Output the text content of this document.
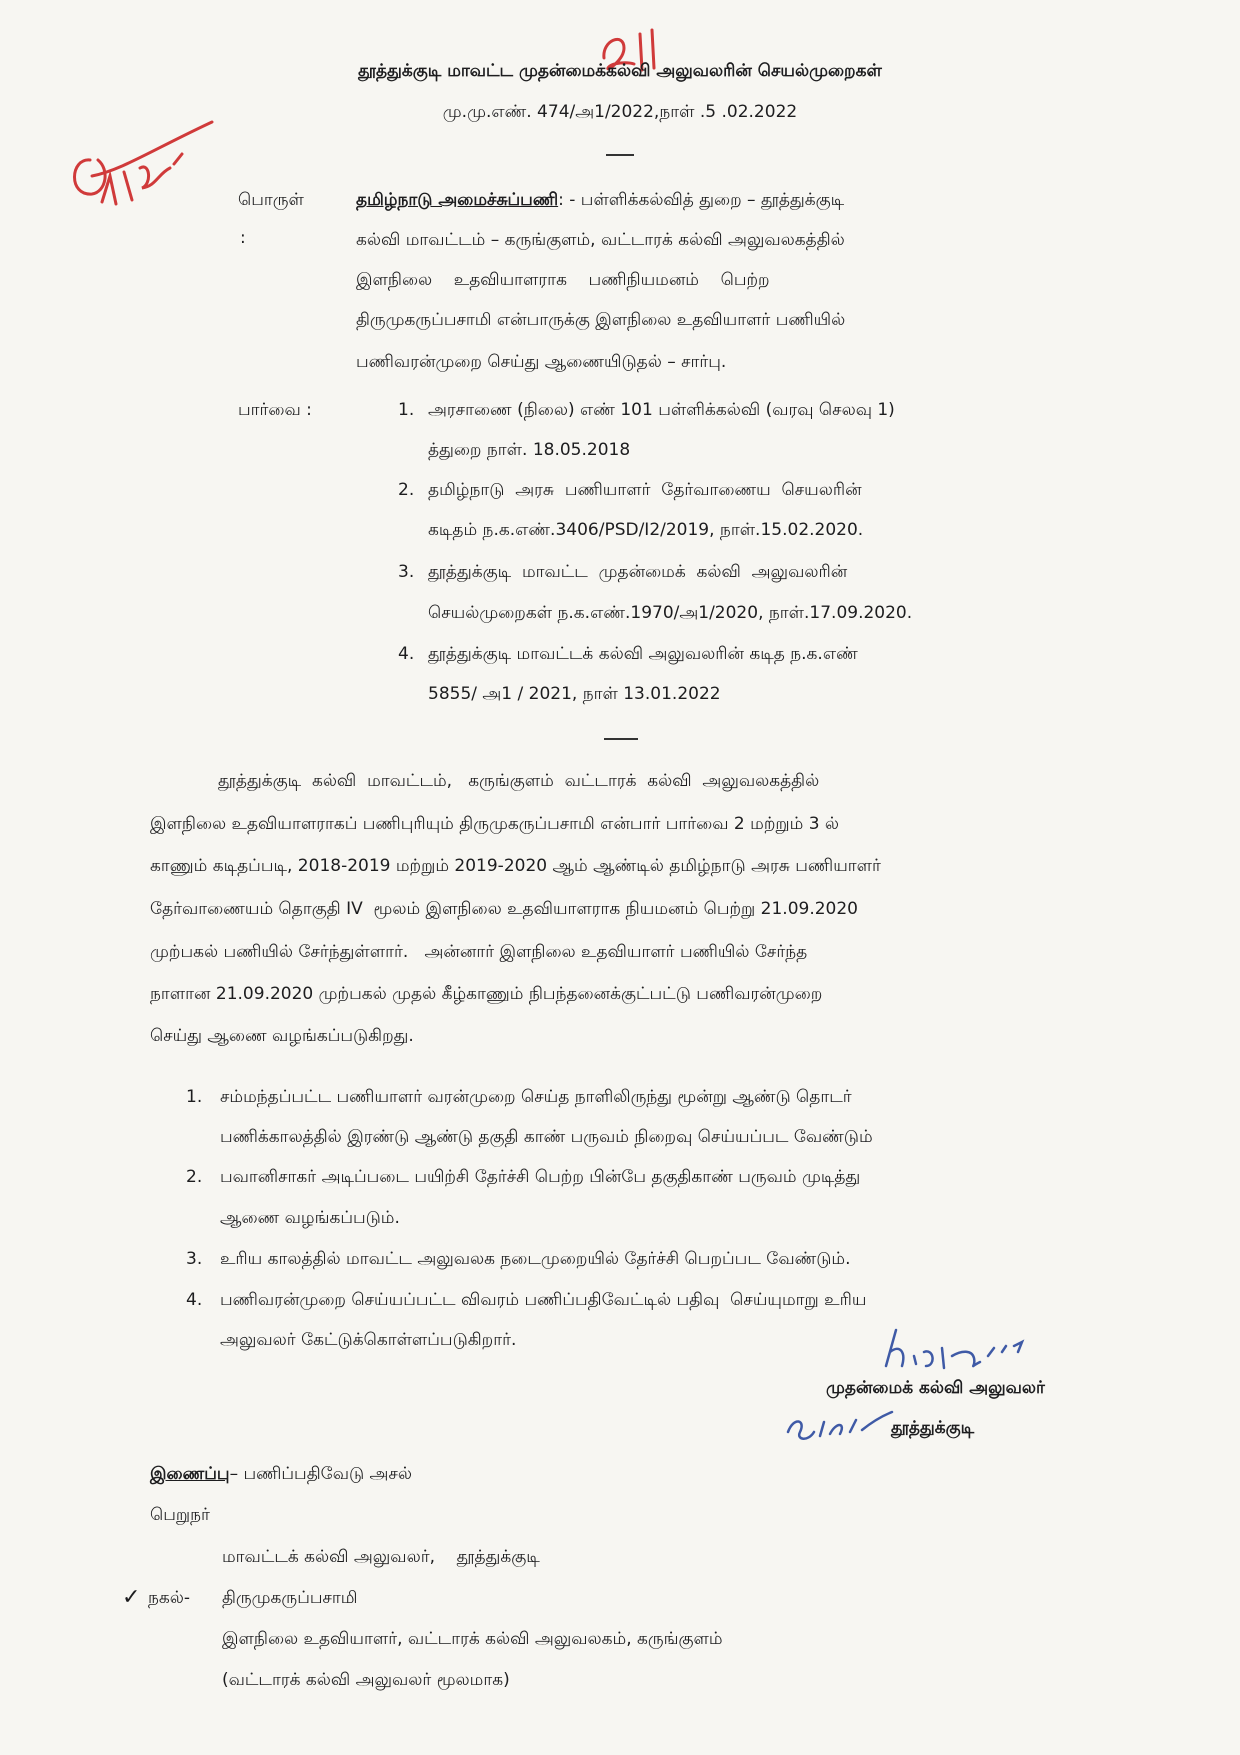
தூத்துக்குடி மாவட்ட முதன்மைக்கல்வி அலுவலரின் செயல்முறைகள்
மு.மு.எண். 474/அ1/2022,நாள் .5 .02.2022
பொருள்
:
தமிழ்நாடு அமைச்சுப்பணி: - பள்ளிக்கல்வித் துறை – தூத்துக்குடி
கல்வி மாவட்டம் – கருங்குளம், வட்டாரக் கல்வி அலுவலகத்தில்
இளநிலை    உதவியாளராக    பணிநியமனம்    பெற்ற
திருமுகருப்பசாமி என்பாருக்கு இளநிலை உதவியாளர் பணியில்
பணிவரன்முறை செய்து ஆணையிடுதல் – சார்பு.
பார்வை :	1. அரசாணை (நிலை) எண் 101 பள்ளிக்கல்வி (வரவு செலவு 1)
த்துறை நாள். 18.05.2018
2. தமிழ்நாடு  அரசு  பணியாளர்  தேர்வாணைய  செயலரின்
கடிதம் ந.க.எண்.3406/PSD/I2/2019, நாள்.15.02.2020.
3. தூத்துக்குடி  மாவட்ட  முதன்மைக்  கல்வி  அலுவலரின்
செயல்முறைகள் ந.க.எண்.1970/அ1/2020, நாள்.17.09.2020.
4. தூத்துக்குடி மாவட்டக் கல்வி அலுவலரின் கடித ந.க.எண்
5855/ அ1 / 2021, நாள் 13.01.2022
தூத்துக்குடி  கல்வி  மாவட்டம்,   கருங்குளம்  வட்டாரக்  கல்வி  அலுவலகத்தில்
இளநிலை உதவியாளராகப் பணிபுரியும் திருமுகருப்பசாமி என்பார் பார்வை 2 மற்றும் 3 ல்
காணும் கடிதப்படி, 2018-2019 மற்றும் 2019-2020 ஆம் ஆண்டில் தமிழ்நாடு அரசு பணியாளர்
தேர்வாணையம் தொகுதி IV  மூலம் இளநிலை உதவியாளராக நியமனம் பெற்று 21.09.2020
முற்பகல் பணியில் சேர்ந்துள்ளார்.   அன்னார் இளநிலை உதவியாளர் பணியில் சேர்ந்த
நாளான 21.09.2020 முற்பகல் முதல் கீழ்காணும் நிபந்தனைக்குட்பட்டு பணிவரன்முறை
செய்து ஆணை வழங்கப்படுகிறது.
1. சம்மந்தப்பட்ட பணியாளர் வரன்முறை செய்த நாளிலிருந்து மூன்று ஆண்டு தொடர்
பணிக்காலத்தில் இரண்டு ஆண்டு தகுதி காண் பருவம் நிறைவு செய்யப்பட வேண்டும்
2. பவானிசாகர் அடிப்படை பயிற்சி தேர்ச்சி பெற்ற பின்பே தகுதிகாண் பருவம் முடித்து
ஆணை வழங்கப்படும்.
3. உரிய காலத்தில் மாவட்ட அலுவலக நடைமுறையில் தேர்ச்சி பெறப்பட வேண்டும்.
4. பணிவரன்முறை செய்யப்பட்ட விவரம் பணிப்பதிவேட்டில் பதிவு  செய்யுமாறு உரிய
அலுவலர் கேட்டுக்கொள்ளப்படுகிறார்.
முதன்மைக் கல்வி அலுவலர்
தூத்துக்குடி
இணைப்பு– பணிப்பதிவேடு அசல்
பெறுநர்
மாவட்டக் கல்வி அலுவலர்,    தூத்துக்குடி
✓ நகல்- திருமுகருப்பசாமி
இளநிலை உதவியாளர், வட்டாரக் கல்வி அலுவலகம், கருங்குளம்
(வட்டாரக் கல்வி அலுவலர் மூலமாக)
